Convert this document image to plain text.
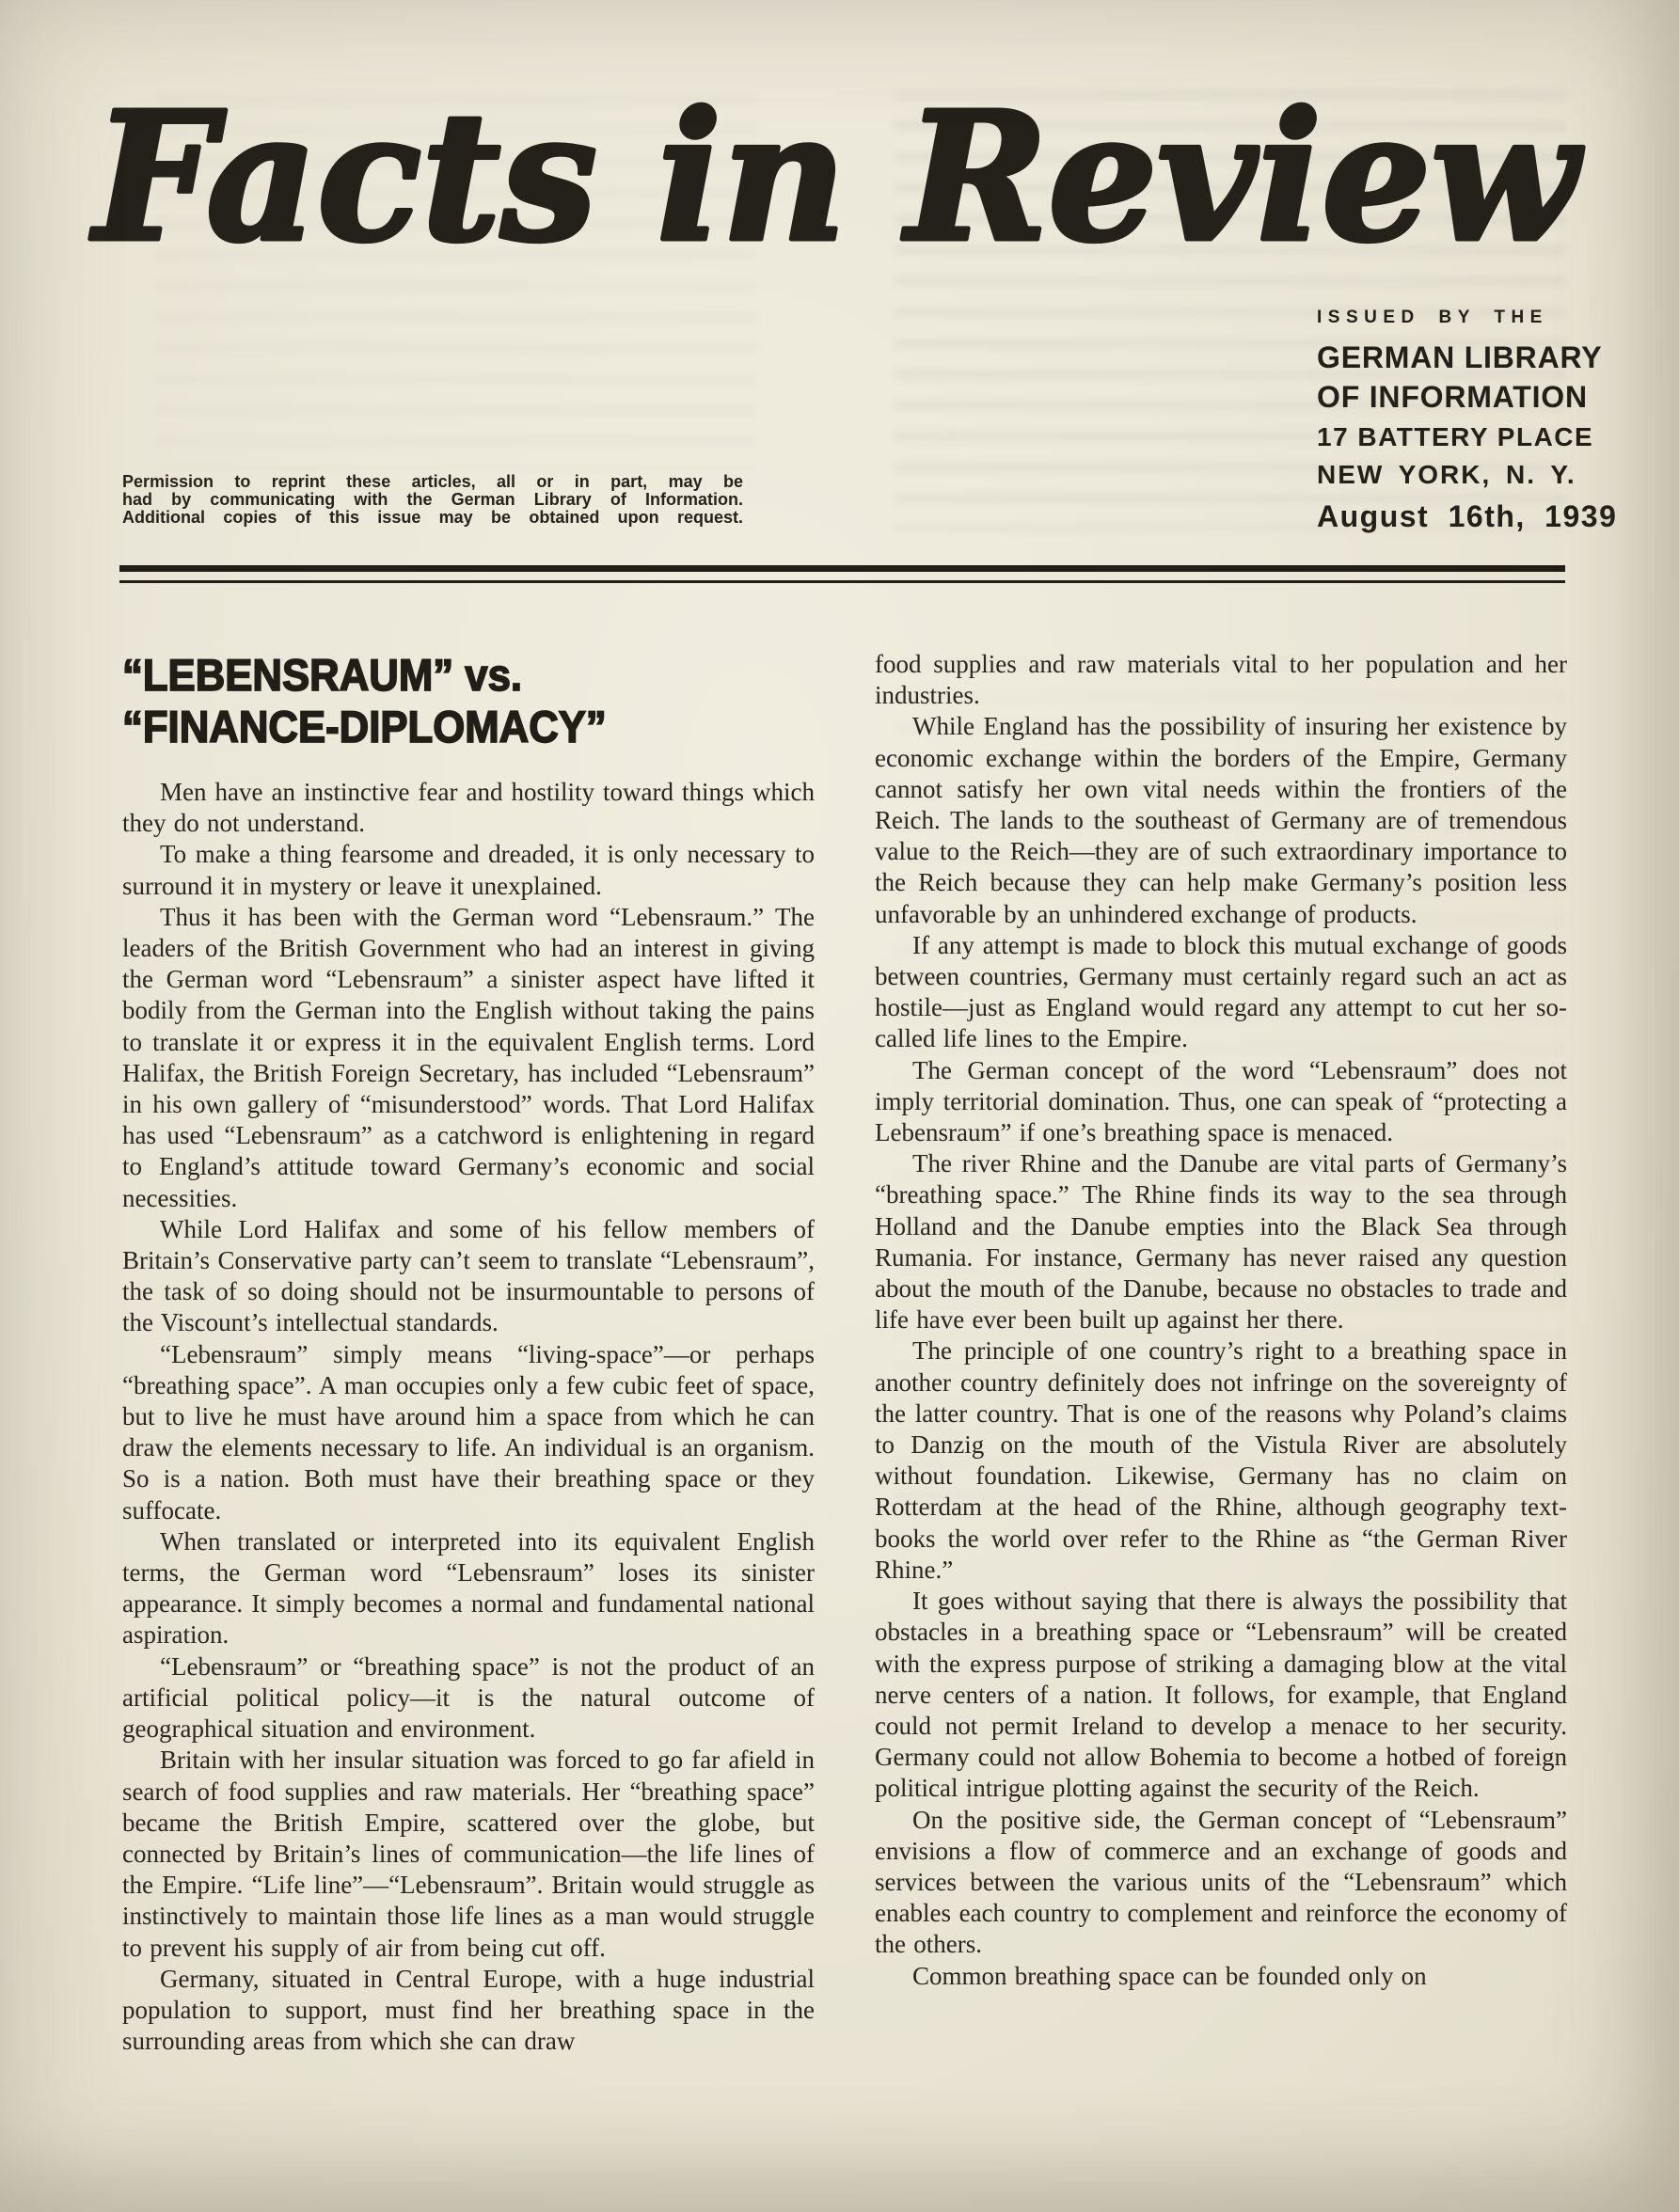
Facts in Review
ISSUED BY THE
GERMAN LIBRARY
OF INFORMATION
17 BATTERY PLACE
NEW YORK, N. Y.
August 16th, 1939
Permission to reprint these articles, all or in part, may be
had by communicating with the German Library of Information.
Additional copies of this issue may be obtained upon request.
“LEBENSRAUM” vs.
“FINANCE-DIPLOMACY”

Men have an instinctive fear and hostility toward things which they do not understand.

To make a thing fearsome and dreaded, it is only necessary to surround it in mystery or leave it unexplained.

Thus it has been with the German word “Lebensraum.” The leaders of the British Government who had an interest in giving the German word “Lebensraum” a sinister aspect have lifted it bodily from the German into the English without taking the pains to translate it or express it in the equivalent English terms. Lord Halifax, the British Foreign Secretary, has included “Lebensraum” in his own gallery of “misunderstood” words. That Lord Halifax has used “Lebensraum” as a catchword is enlightening in regard to England’s attitude toward Germany’s economic and social necessities.

While Lord Halifax and some of his fellow members of Britain’s Conservative party can’t seem to translate “Lebensraum”, the task of so doing should not be insurmountable to persons of the Viscount’s intellectual standards.

“Lebensraum” simply means “living-space”—or perhaps “breathing space”. A man occupies only a few cubic feet of space, but to live he must have around him a space from which he can draw the elements necessary to life. An individual is an organism. So is a nation. Both must have their breathing space or they suffocate.

When translated or interpreted into its equivalent English terms, the German word “Lebensraum” loses its sinister appearance. It simply becomes a normal and fundamental national aspiration.

“Lebensraum” or “breathing space” is not the product of an artificial political policy—it is the natural outcome of geographical situation and environment.

Britain with her insular situation was forced to go far afield in search of food supplies and raw materials. Her “breathing space” became the British Empire, scattered over the globe, but connected by Britain’s lines of communication—the life lines of the Empire. “Life line”—“Lebensraum”. Britain would struggle as instinctively to maintain those life lines as a man would struggle to prevent his supply of air from being cut off.

Germany, situated in Central Europe, with a huge industrial population to support, must find her breathing space in the surrounding areas from which she can draw

food supplies and raw materials vital to her population and her industries.

While England has the possibility of insuring her existence by economic exchange within the borders of the Empire, Germany cannot satisfy her own vital needs within the frontiers of the Reich. The lands to the southeast of Germany are of tremendous value to the Reich—they are of such extraordinary importance to the Reich because they can help make Germany’s position less unfavorable by an unhindered exchange of products.

If any attempt is made to block this mutual exchange of goods between countries, Germany must certainly regard such an act as hostile—just as England would regard any attempt to cut her so-called life lines to the Empire.

The German concept of the word “Lebensraum” does not imply territorial domination. Thus, one can speak of “protecting a Lebensraum” if one’s breathing space is menaced.

The river Rhine and the Danube are vital parts of Germany’s “breathing space.” The Rhine finds its way to the sea through Holland and the Danube empties into the Black Sea through Rumania. For instance, Germany has never raised any question about the mouth of the Danube, because no obstacles to trade and life have ever been built up against her there.

The principle of one country’s right to a breathing space in another country definitely does not infringe on the sovereignty of the latter country. That is one of the reasons why Poland’s claims to Danzig on the mouth of the Vistula River are absolutely without foundation. Likewise, Germany has no claim on Rotterdam at the head of the Rhine, although geography text-books the world over refer to the Rhine as “the German River Rhine.”

It goes without saying that there is always the possibility that obstacles in a breathing space or “Lebensraum” will be created with the express purpose of striking a damaging blow at the vital nerve centers of a nation. It follows, for example, that England could not permit Ireland to develop a menace to her security. Germany could not allow Bohemia to become a hotbed of foreign political intrigue plotting against the security of the Reich.

On the positive side, the German concept of “Lebensraum” envisions a flow of commerce and an exchange of goods and services between the various units of the “Lebensraum” which enables each country to complement and reinforce the economy of the others.

Common breathing space can be founded only on
